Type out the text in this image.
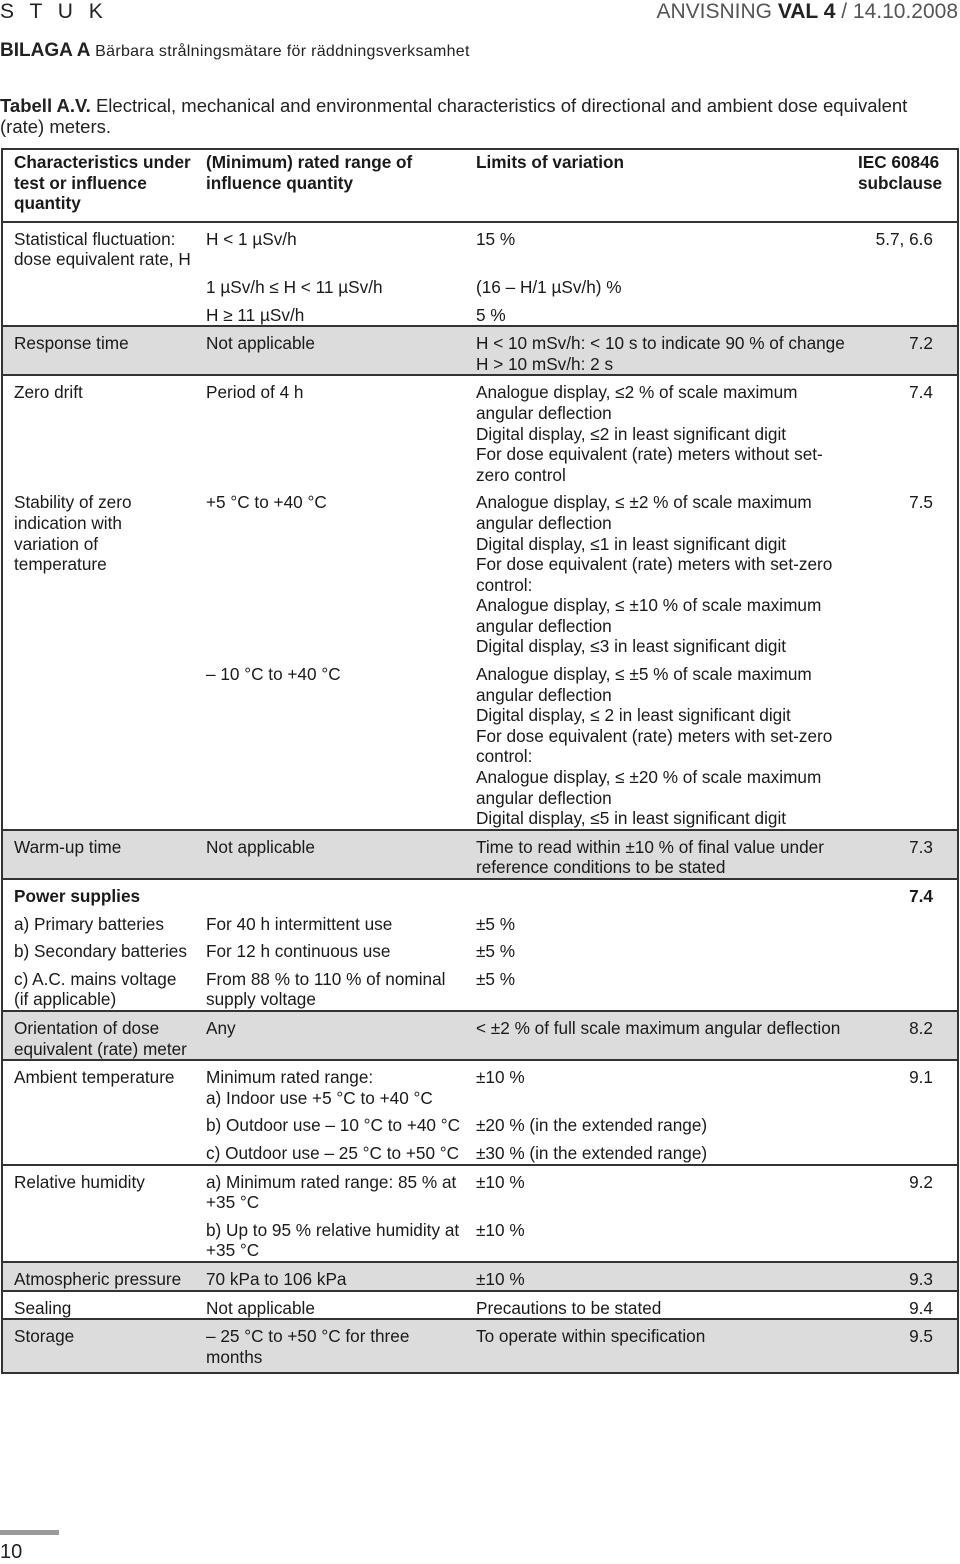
S T U K	ANVISNING VAL 4 / 14.10.2008
BILAGA A Bärbara strålningsmätare för räddningsverksamhet
Tabell A.V. Electrical, mechanical and environmental characteristics of directional and ambient dose equivalent (rate) meters.
Characteristics under test or influence quantity	(Minimum) rated range of influence quantity	Limits of variation	IEC 60846 subclause
Statistical fluctuation: dose equivalent rate, H	H < 1 µSv/h	15 %	5.7, 6.6
	1 µSv/h ≤ H < 11 µSv/h	(16 – H/1 µSv/h) %	
	H ≥ 11 µSv/h	5 %	
Response time	Not applicable	H < 10 mSv/h: < 10 s to indicate 90 % of change
H > 10 mSv/h: 2 s	7.2
Zero drift	Period of 4 h	Analogue display, ≤2 % of scale maximum angular deflection
Digital display, ≤2 in least significant digit
For dose equivalent (rate) meters without set-zero control	7.4
Stability of zero indication with variation of temperature	+5 °C to +40 °C	Analogue display, ≤ ±2 % of scale maximum angular deflection
Digital display, ≤1 in least significant digit
For dose equivalent (rate) meters with set-zero control:
Analogue display, ≤ ±10 % of scale maximum angular deflection
Digital display, ≤3 in least significant digit	7.5
	– 10 °C to +40 °C	Analogue display, ≤ ±5 % of scale maximum angular deflection
Digital display, ≤ 2 in least significant digit
For dose equivalent (rate) meters with set-zero control:
Analogue display, ≤ ±20 % of scale maximum angular deflection
Digital display, ≤5 in least significant digit	
Warm-up time	Not applicable	Time to read within ±10 % of final value under reference conditions to be stated	7.3
Power supplies			7.4
a) Primary batteries	For 40 h intermittent use	±5 %	
b) Secondary batteries	For 12 h continuous use	±5 %	
c) A.C. mains voltage (if applicable)	From 88 % to 110 % of nominal supply voltage	±5 %	
Orientation of dose equivalent (rate) meter	Any	< ±2 % of full scale maximum angular deflection	8.2
Ambient temperature	Minimum rated range:
a) Indoor use +5 °C to +40 °C	±10 %	9.1
	b) Outdoor use – 10 °C to +40 °C	±20 % (in the extended range)	
	c) Outdoor use – 25 °C to +50 °C	±30 % (in the extended range)	
Relative humidity	a) Minimum rated range: 85 % at +35 °C	±10 %	9.2
	b) Up to 95 % relative humidity at +35 °C	±10 %	
Atmospheric pressure	70 kPa to 106 kPa	±10 %	9.3
Sealing	Not applicable	Precautions to be stated	9.4
Storage	– 25 °C to +50 °C for three months	To operate within specification	9.5
10
